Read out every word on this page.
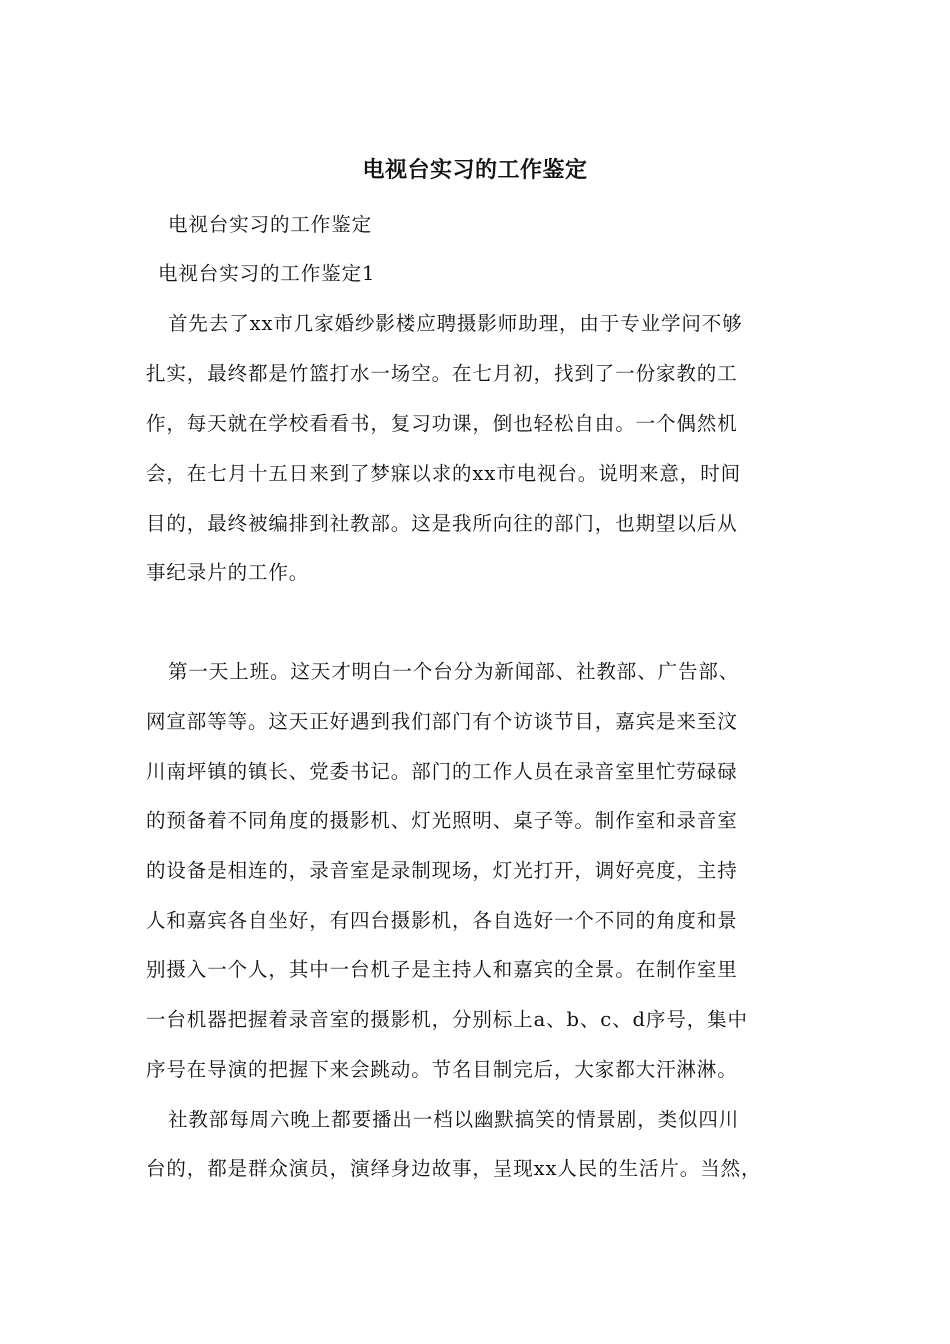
电视台实习的工作鉴定
电视台实习的工作鉴定
电视台实习的工作鉴定1
首先去了xx市几家婚纱影楼应聘摄影师助理，由于专业学问不够
扎实，最终都是竹篮打水一场空。在七月初，找到了一份家教的工
作，每天就在学校看看书，复习功课，倒也轻松自由。一个偶然机
会，在七月十五日来到了梦寐以求的xx市电视台。说明来意，时间
目的，最终被编排到社教部。这是我所向往的部门，也期望以后从
事纪录片的工作。
第一天上班。这天才明白一个台分为新闻部、社教部、广告部、
网宣部等等。这天正好遇到我们部门有个访谈节目，嘉宾是来至汶
川南坪镇的镇长、党委书记。部门的工作人员在录音室里忙劳碌碌
的预备着不同角度的摄影机、灯光照明、桌子等。制作室和录音室
的设备是相连的，录音室是录制现场，灯光打开，调好亮度，主持
人和嘉宾各自坐好，有四台摄影机，各自选好一个不同的角度和景
别摄入一个人，其中一台机子是主持人和嘉宾的全景。在制作室里
一台机器把握着录音室的摄影机，分别标上a、b、c、d序号，集中
序号在导演的把握下来会跳动。节名目制完后，大家都大汗淋淋。
社教部每周六晚上都要播出一档以幽默搞笑的情景剧，类似四川
台的，都是群众演员，演绎身边故事，呈现xx人民的生活片。当然，
